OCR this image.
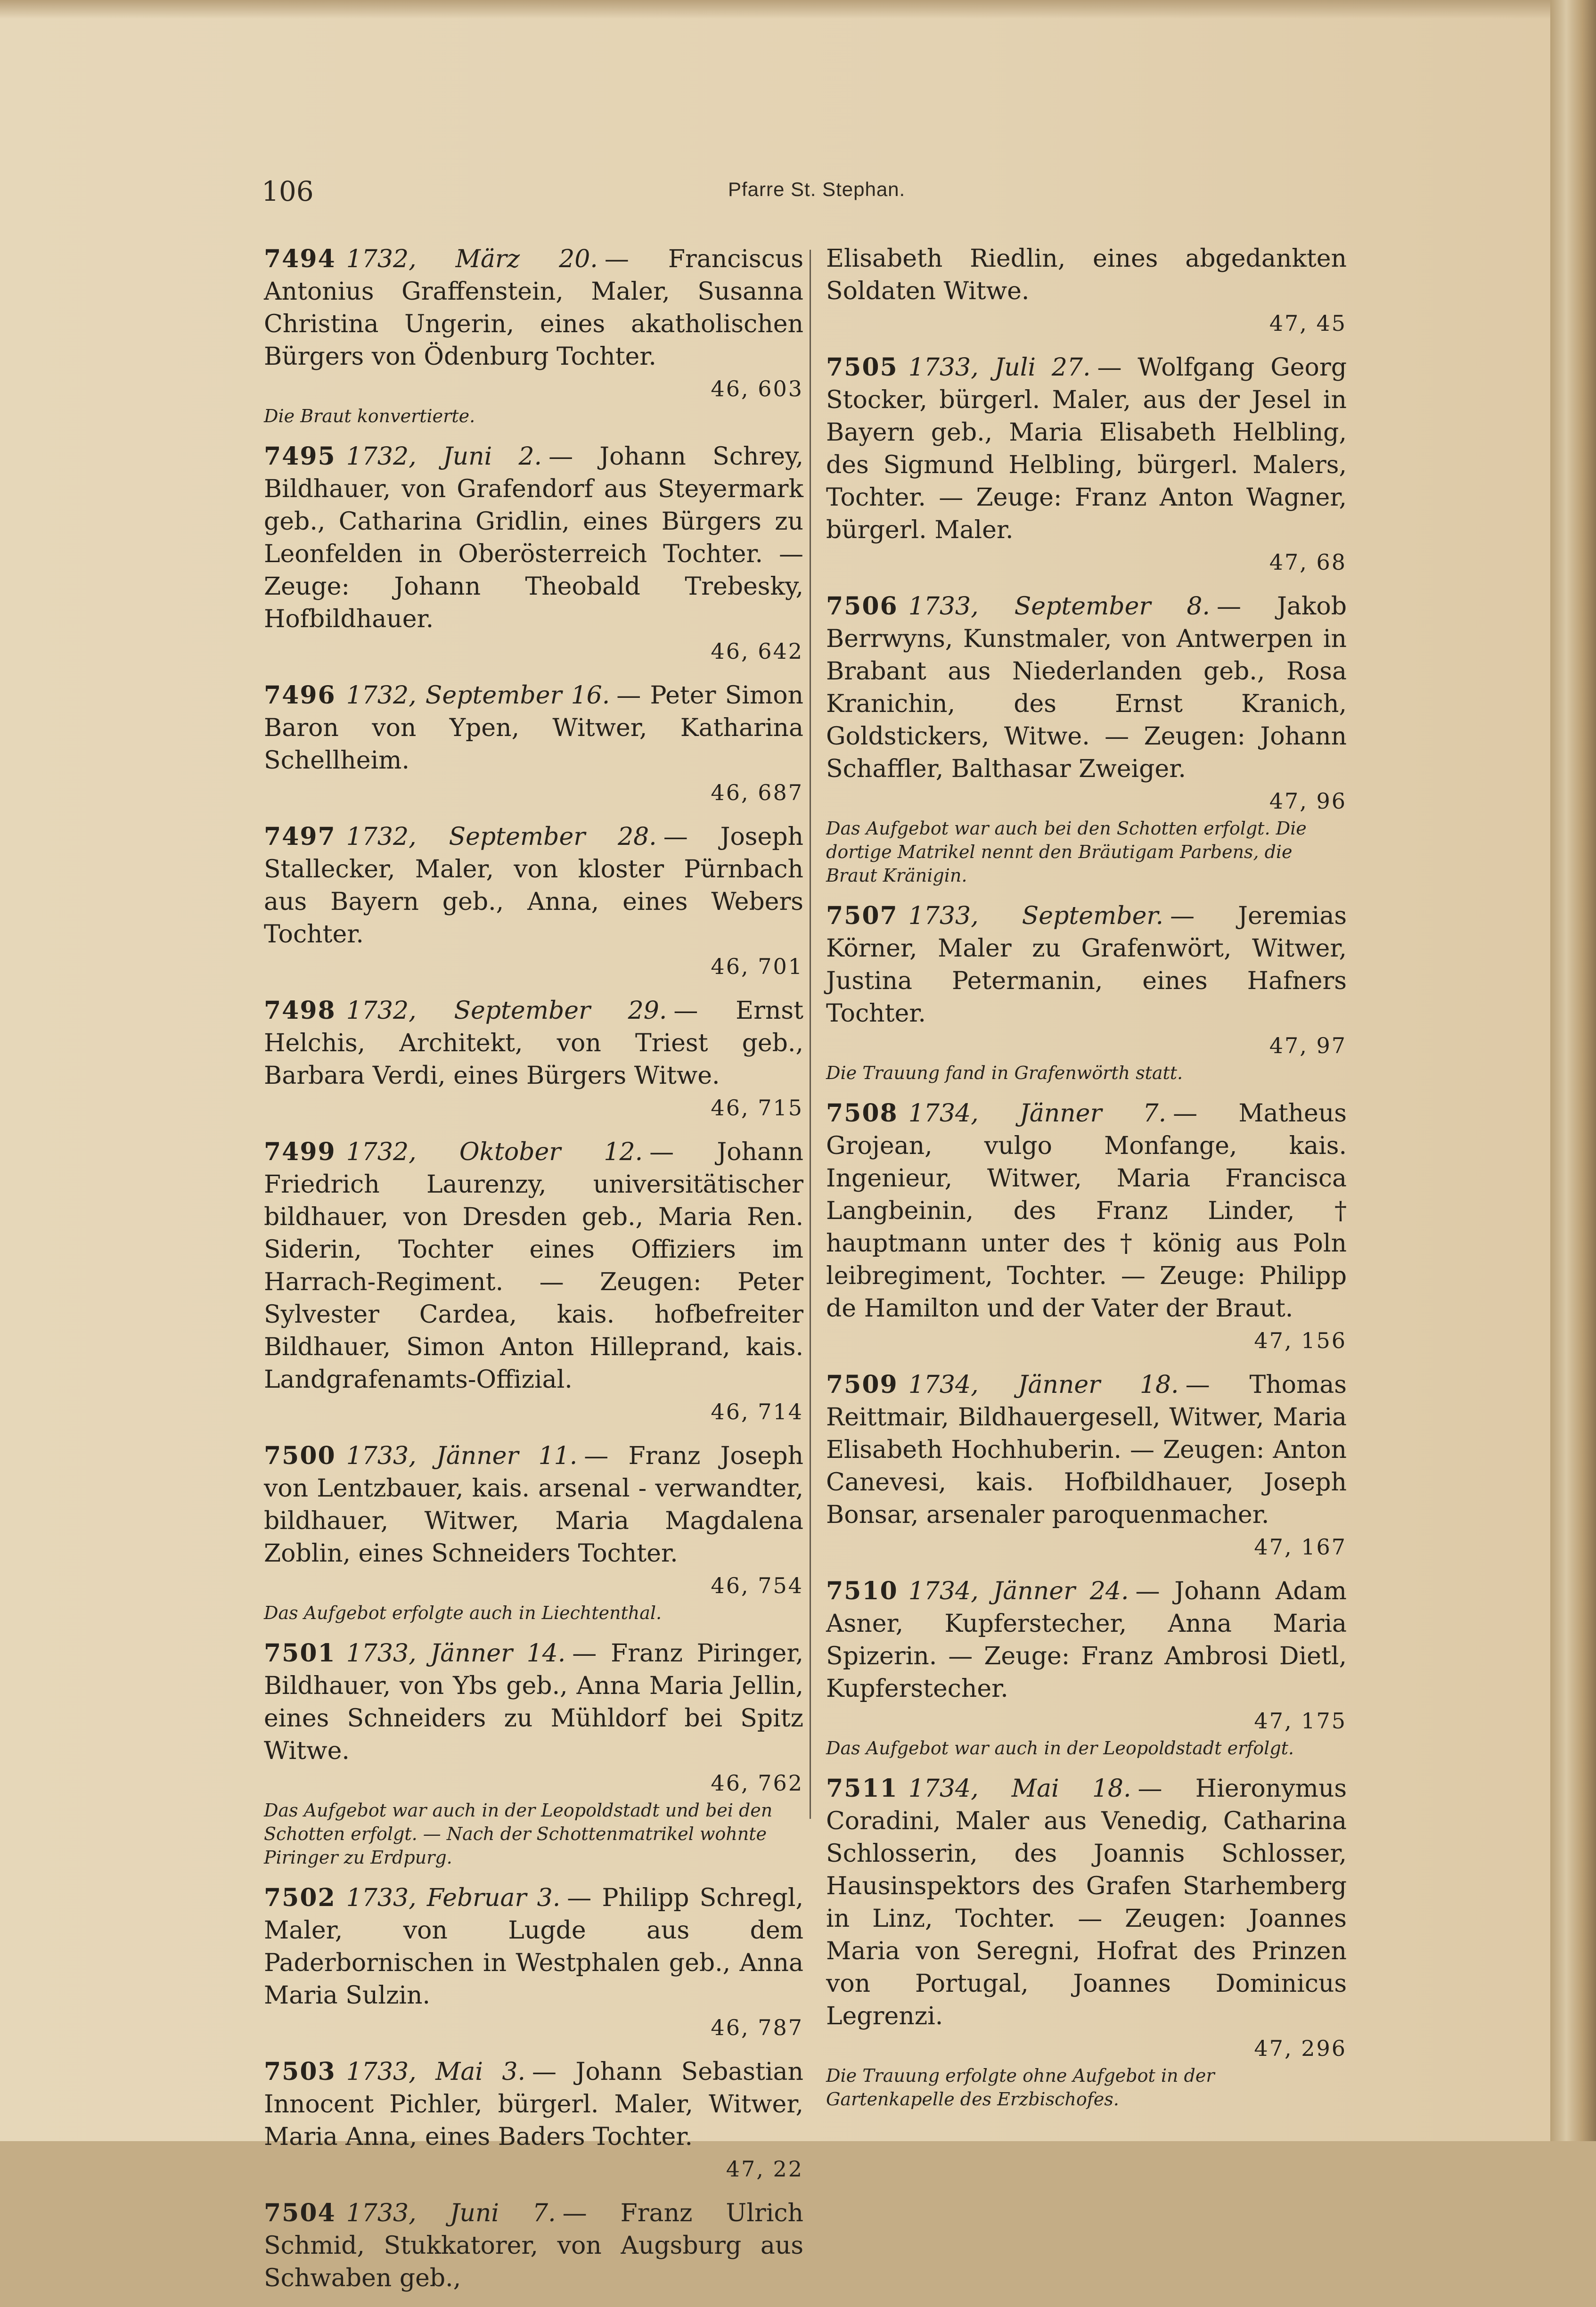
106	Pfarre St. Stephan.
7494 1732, März 20. — Franciscus Antonius Graffenstein, Maler, Susanna Christina Ungerin, eines akatholischen Bürgers von Ödenburg Tochter.
46, 603
Die Braut konvertierte.
7495 1732, Juni 2. — Johann Schrey, Bildhauer, von Grafendorf aus Steyermark geb., Catharina Gridlin, eines Bürgers zu Leonfelden in Oberösterreich Tochter. — Zeuge: Johann Theobald Trebesky, Hofbildhauer.
46, 642
7496 1732, September 16. — Peter Simon Baron von Ypen, Witwer, Katharina Schellheim.
46, 687
7497 1732, September 28. — Joseph Stallecker, Maler, von kloster Pürnbach aus Bayern geb., Anna, eines Webers Tochter.
46, 701
7498 1732, September 29. — Ernst Helchis, Architekt, von Triest geb., Barbara Verdi, eines Bürgers Witwe.
46, 715
7499 1732, Oktober 12. — Johann Friedrich Laurenzy, universitätischer bildhauer, von Dresden geb., Maria Ren. Siderin, Tochter eines Offiziers im Harrach-Regiment. — Zeugen: Peter Sylvester Cardea, kais. hofbefreiter Bildhauer, Simon Anton Hilleprand, kais. Landgrafenamts-Offizial.
46, 714
7500 1733, Jänner 11. — Franz Joseph von Lentzbauer, kais. arsenal - verwandter, bildhauer, Witwer, Maria Magdalena Zoblin, eines Schneiders Tochter.
46, 754
Das Aufgebot erfolgte auch in Liechtenthal.
7501 1733, Jänner 14. — Franz Piringer, Bildhauer, von Ybs geb., Anna Maria Jellin, eines Schneiders zu Mühldorf bei Spitz Witwe.
46, 762
Das Aufgebot war auch in der Leopoldstadt und bei den Schotten erfolgt. — Nach der Schottenmatrikel wohnte Piringer zu Erdpurg.
7502 1733, Februar 3. — Philipp Schregl, Maler, von Lugde aus dem Paderbornischen in Westphalen geb., Anna Maria Sulzin.
46, 787
7503 1733, Mai 3. — Johann Sebastian Innocent Pichler, bürgerl. Maler, Witwer, Maria Anna, eines Baders Tochter.
47, 22
7504 1733, Juni 7. — Franz Ulrich Schmid, Stukkatorer, von Augsburg aus Schwaben geb.,
Elisabeth Riedlin, eines abgedankten Soldaten Witwe.
47, 45
7505 1733, Juli 27. — Wolfgang Georg Stocker, bürgerl. Maler, aus der Jesel in Bayern geb., Maria Elisabeth Helbling, des Sigmund Helbling, bürgerl. Malers, Tochter. — Zeuge: Franz Anton Wagner, bürgerl. Maler.
47, 68
7506 1733, September 8. — Jakob Berrwyns, Kunstmaler, von Antwerpen in Brabant aus Niederlanden geb., Rosa Kranichin, des Ernst Kranich, Goldstickers, Witwe. — Zeugen: Johann Schaffler, Balthasar Zweiger.
47, 96
Das Aufgebot war auch bei den Schotten erfolgt. Die dortige Matrikel nennt den Bräutigam Parbens, die Braut Kränigin.
7507 1733, September. — Jeremias Körner, Maler zu Grafenwört, Witwer, Justina Petermanin, eines Hafners Tochter.
47, 97
Die Trauung fand in Grafenwörth statt.
7508 1734, Jänner 7. — Matheus Grojean, vulgo Monfange, kais. Ingenieur, Witwer, Maria Francisca Langbeinin, des Franz Linder, † hauptmann unter des † könig aus Poln leibregiment, Tochter. — Zeuge: Philipp de Hamilton und der Vater der Braut.
47, 156
7509 1734, Jänner 18. — Thomas Reittmair, Bildhauergesell, Witwer, Maria Elisabeth Hochhuberin. — Zeugen: Anton Canevesi, kais. Hofbildhauer, Joseph Bonsar, arsenaler paroquenmacher.
47, 167
7510 1734, Jänner 24. — Johann Adam Asner, Kupferstecher, Anna Maria Spizerin. — Zeuge: Franz Ambrosi Dietl, Kupferstecher.
47, 175
Das Aufgebot war auch in der Leopoldstadt erfolgt.
7511 1734, Mai 18. — Hieronymus Coradini, Maler aus Venedig, Catharina Schlosserin, des Joannis Schlosser, Hausinspektors des Grafen Starhemberg in Linz, Tochter. — Zeugen: Joannes Maria von Seregni, Hofrat des Prinzen von Portugal, Joannes Dominicus Legrenzi.
47, 296
Die Trauung erfolgte ohne Aufgebot in der Gartenkapelle des Erzbischofes.
